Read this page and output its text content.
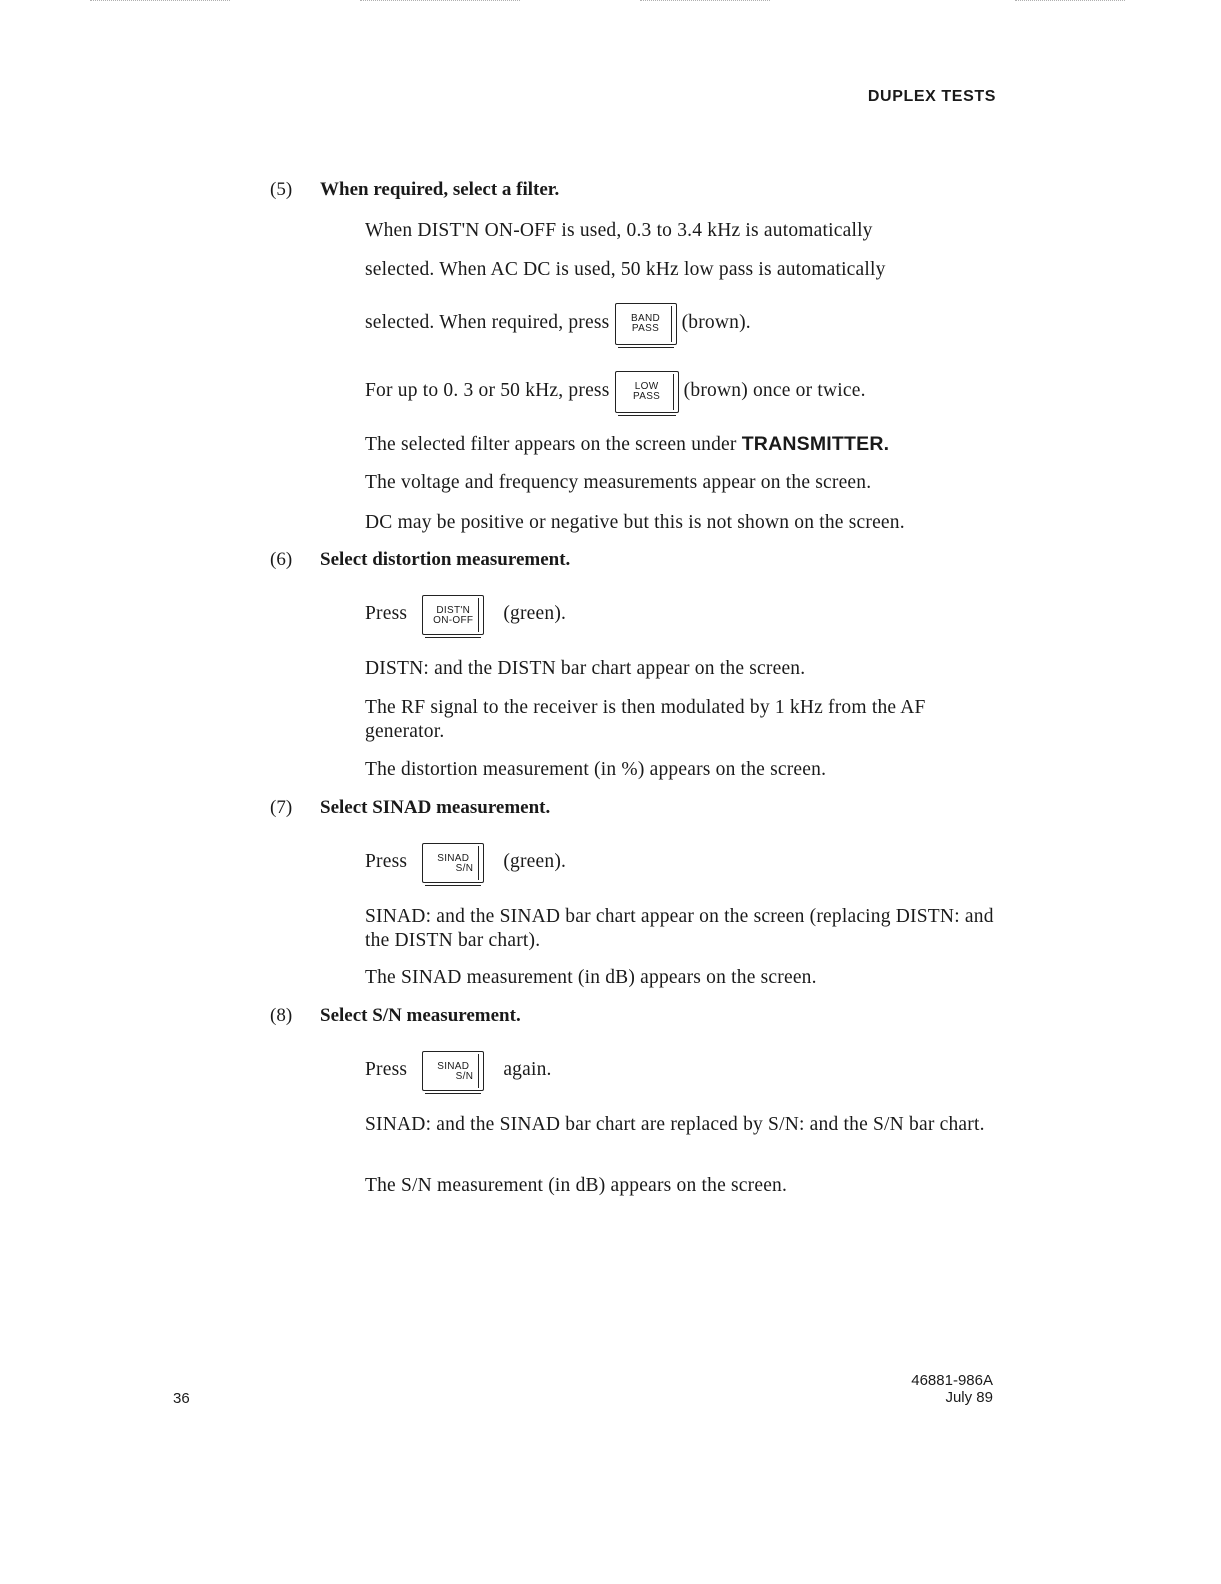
DUPLEX TESTS
(5) When required, select a filter.
When DIST'N ON-OFF is used, 0.3 to 3.4 kHz is automatically
selected. When AC DC is used, 50 kHz low pass is automatically
selected. When required, press	BAND
PASS	(brown).
For up to 0. 3 or 50 kHz, press	LOW
PASS	(brown) once or twice.
The selected filter appears on the screen under TRANSMITTER.
The voltage and frequency measurements appear on the screen.
DC may be positive or negative but this is not shown on the screen.
(6) Select distortion measurement.
Press	DIST'N
ON-OFF	(green).
DISTN: and the DISTN bar chart appear on the screen.
The RF signal to the receiver is then modulated by 1 kHz from the AF generator.
The distortion measurement (in %) appears on the screen.
(7) Select SINAD measurement.
Press	SINAD
S/N	(green).
SINAD: and the SINAD bar chart appear on the screen (replacing DISTN: and the DISTN bar chart).
The SINAD measurement (in dB) appears on the screen.
(8) Select S/N measurement.
Press	SINAD
S/N	again.
SINAD: and the SINAD bar chart are replaced by S/N: and the S/N bar chart.
The S/N measurement (in dB) appears on the screen.
36
46881-986A
July 89
